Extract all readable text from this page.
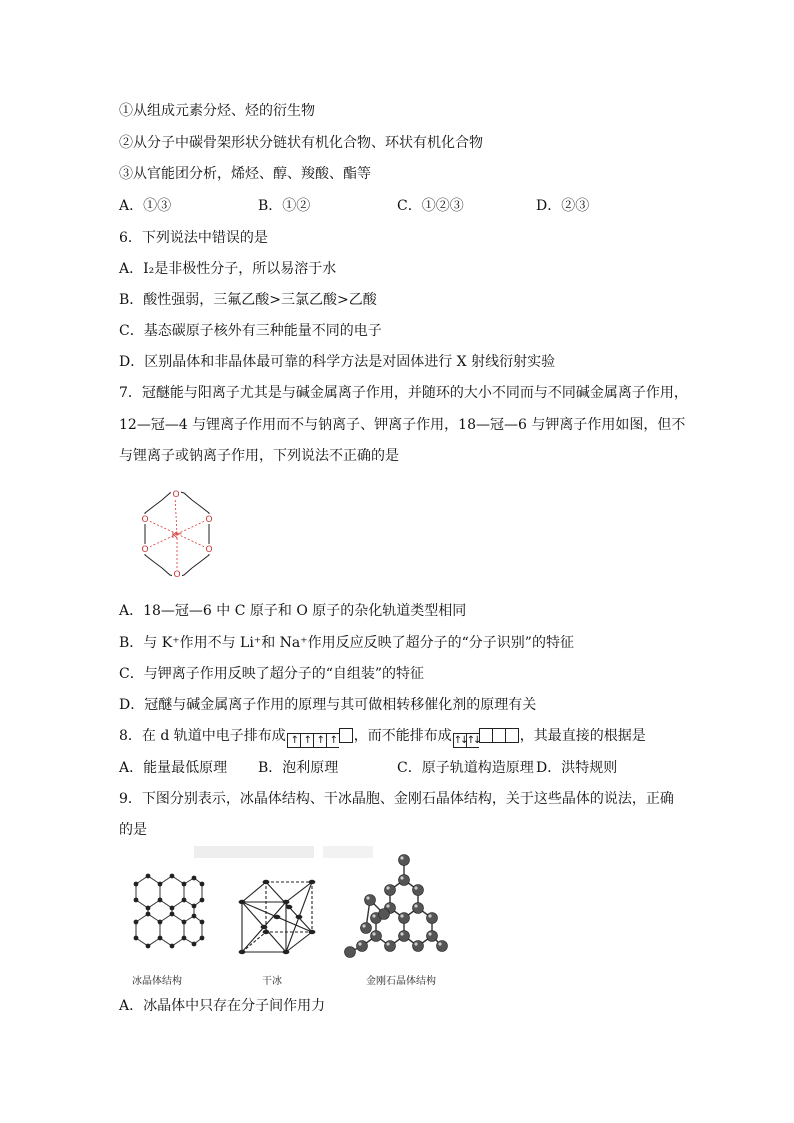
①从组成元素分烃、烃的衍生物
②从分子中碳骨架形状分链状有机化合物、环状有机化合物
③从官能团分析，烯烃、醇、羧酸、酯等
A．①③	B．①②	C．①②③	D．②③
6．下列说法中错误的是
A．I₂是非极性分子，所以易溶于水
B．酸性强弱，三氟乙酸>三氯乙酸>乙酸
C．基态碳原子核外有三种能量不同的电子
D．区别晶体和非晶体最可靠的科学方法是对固体进行 X 射线衍射实验
7．冠醚能与阳离子尤其是与碱金属离子作用，并随环的大小不同而与不同碱金属离子作用，
12—冠—4 与锂离子作用而不与钠离子、钾离子作用，18—冠—6 与钾离子作用如图，但不
与锂离子或钠离子作用，下列说法不正确的是
O
O
O	O
O	O
K⁺
A．18—冠—6 中 C 原子和 O 原子的杂化轨道类型相同
B．与 K⁺作用不与 Li⁺和 Na⁺作用反应反映了超分子的“分子识别”的特征
C．与钾离子作用反映了超分子的“自组装”的特征
D．冠醚与碱金属离子作用的原理与其可做相转移催化剂的原理有关
8．在 d 轨道中电子排布成 ↑ ↑ ↑ ↑ ，而不能排布成 ↑↓↑↓	，其最直接的根据是
A．能量最低原理 B．泡利原理	C．原子轨道构造原理 D．洪特规则
9．下图分别表示，冰晶体结构、干冰晶胞、金刚石晶体结构，关于这些晶体的说法，正确
的是
冰晶体结构	干冰	金刚石晶体结构
A．冰晶体中只存在分子间作用力
